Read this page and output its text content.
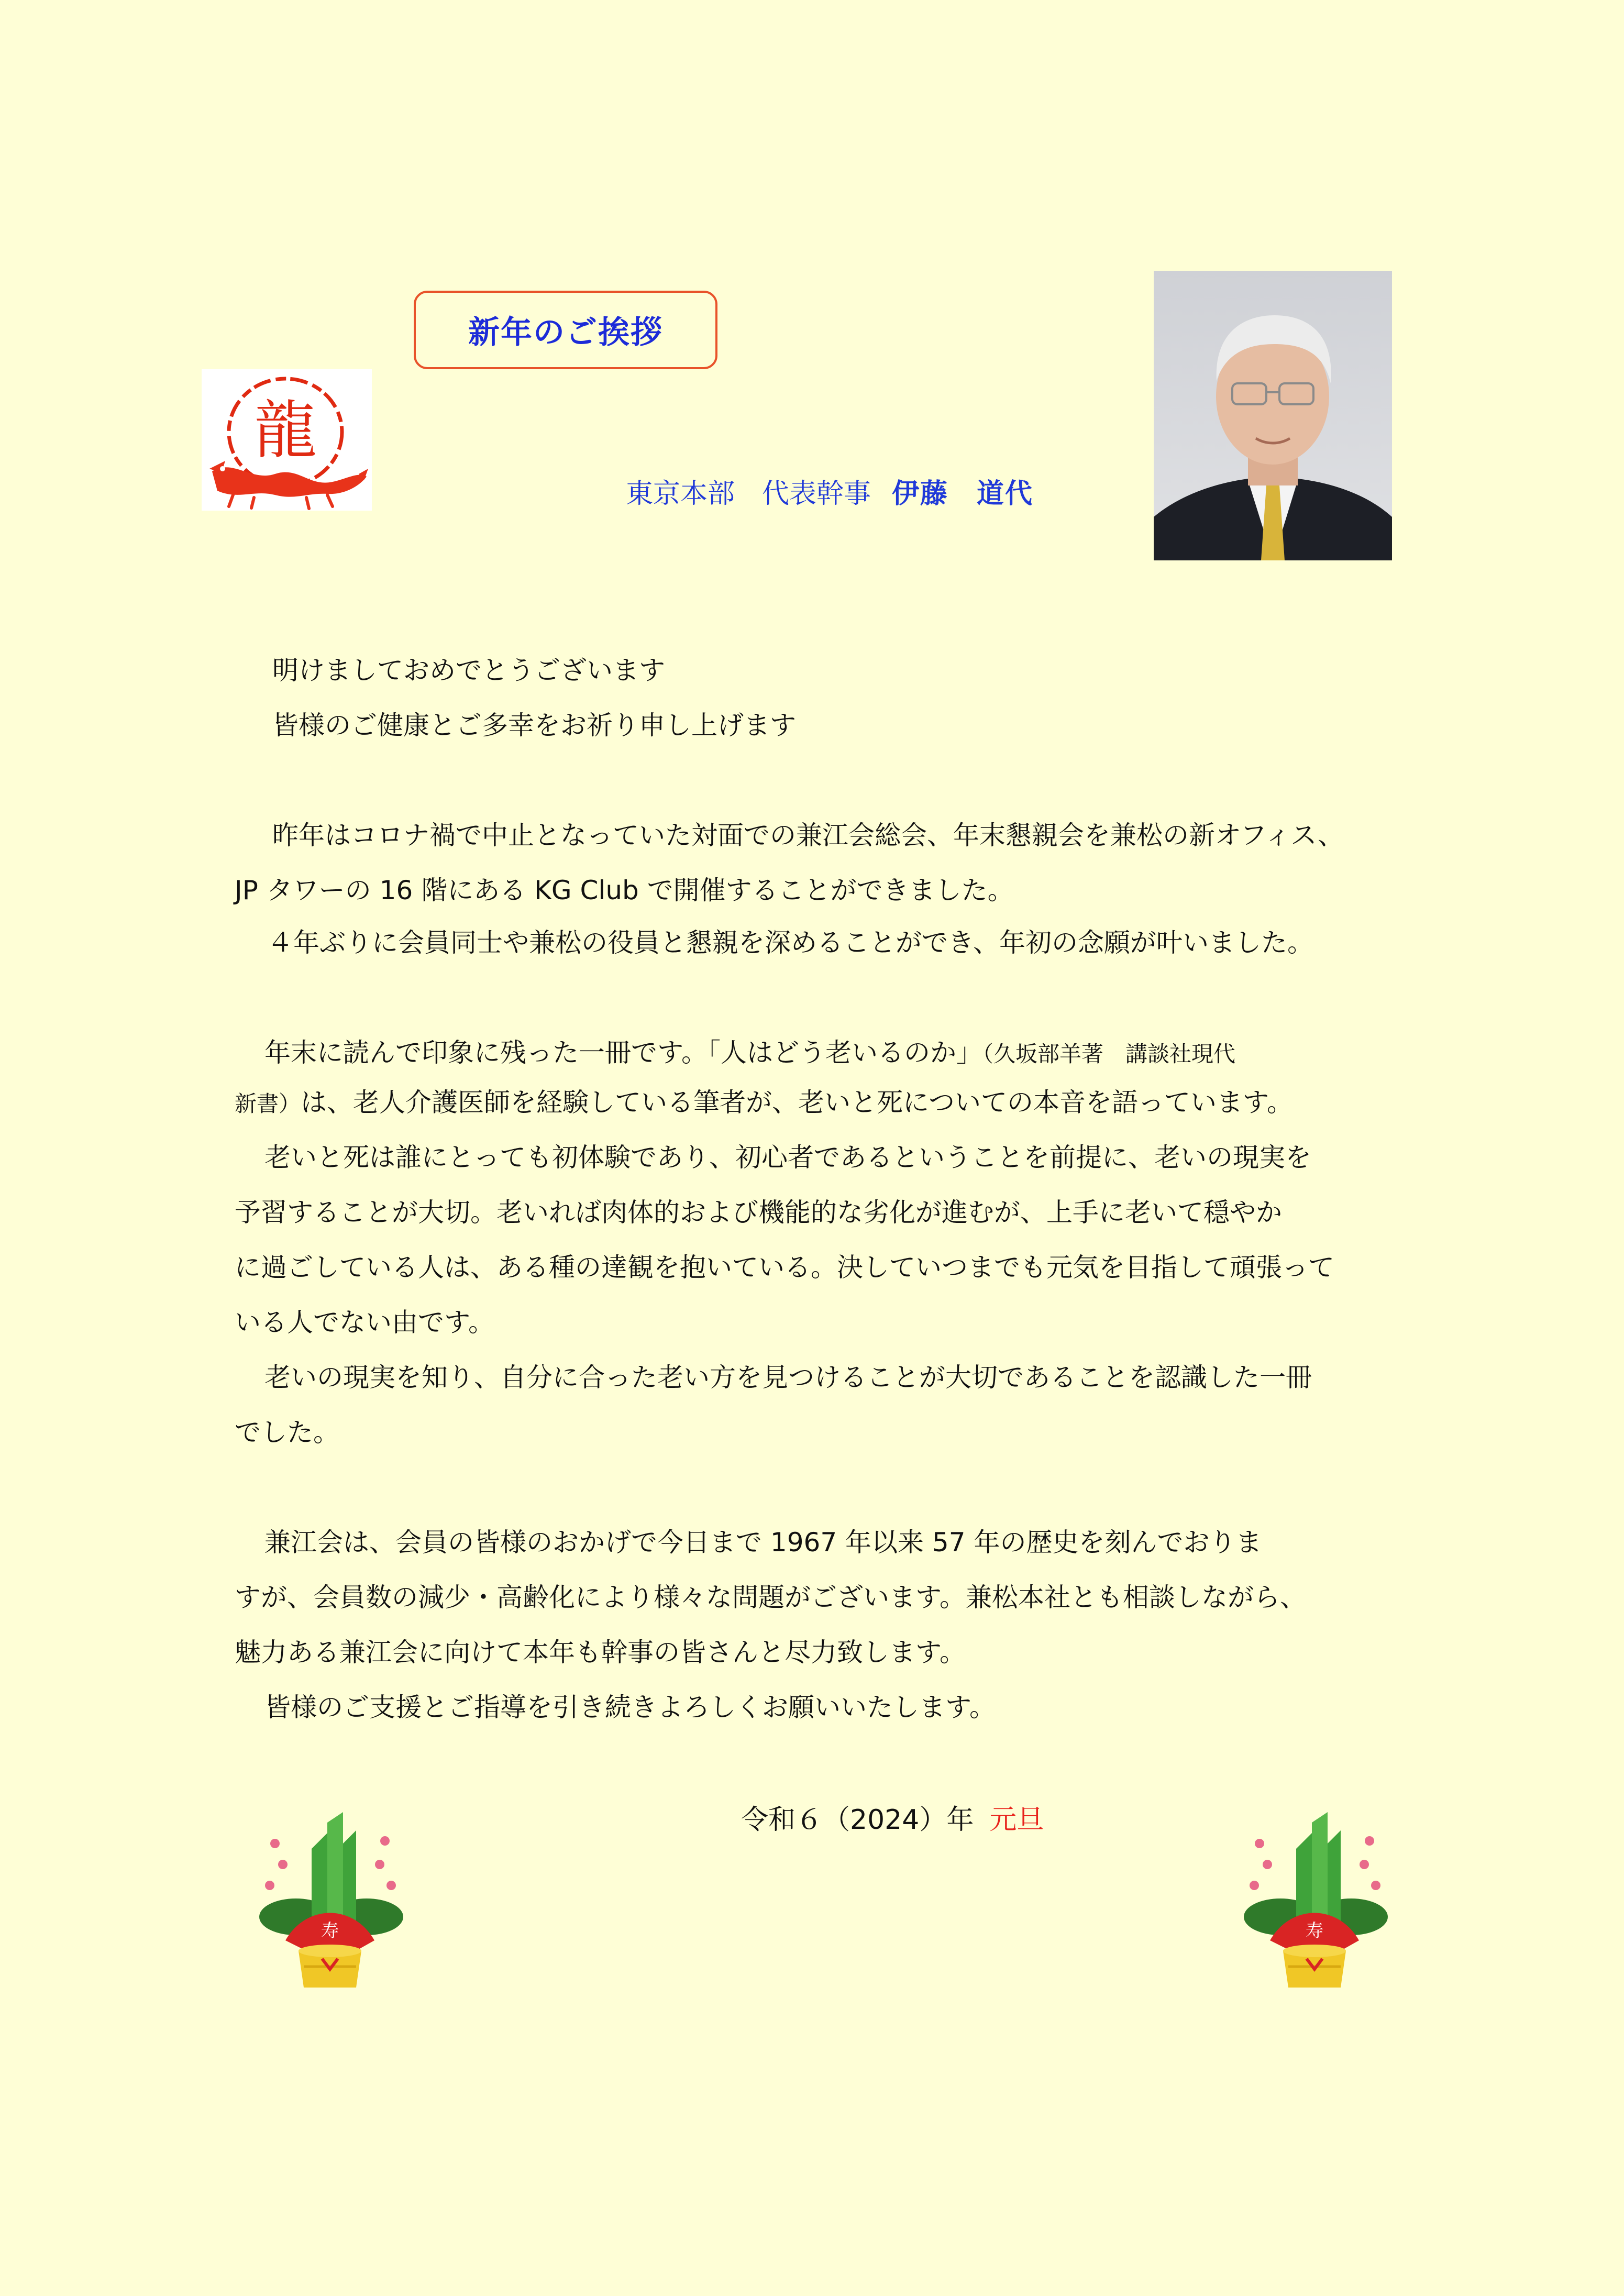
新年のご挨拶
龍
東京本部　代表幹事 伊藤　道代
明けましておめでとうございます
皆様のご健康とご多幸をお祈り申し上げます
昨年はコロナ禍で中止となっていた対面での兼江会総会、年末懇親会を兼松の新オフィス、
JP タワーの 16 階にある KG Club で開催することができました。
４年ぶりに会員同士や兼松の役員と懇親を深めることができ、年初の念願が叶いました。
年末に読んで印象に残った一冊です。「人はどう老いるのか」（久坂部羊著　講談社現代
新書）は、老人介護医師を経験している筆者が、老いと死についての本音を語っています。
老いと死は誰にとっても初体験であり、初心者であるということを前提に、老いの現実を
予習することが大切。老いれば肉体的および機能的な劣化が進むが、上手に老いて穏やか
に過ごしている人は、ある種の達観を抱いている。決していつまでも元気を目指して頑張って
いる人でない由です。
老いの現実を知り、自分に合った老い方を見つけることが大切であることを認識した一冊
でした。
兼江会は、会員の皆様のおかげで今日まで 1967 年以来 57 年の歴史を刻んでおりま
すが、会員数の減少・高齢化により様々な問題がございます。兼松本社とも相談しながら、
魅力ある兼江会に向けて本年も幹事の皆さんと尽力致します。
皆様のご支援とご指導を引き続きよろしくお願いいたします。
令和６（2024）年 元旦
寿	寿
